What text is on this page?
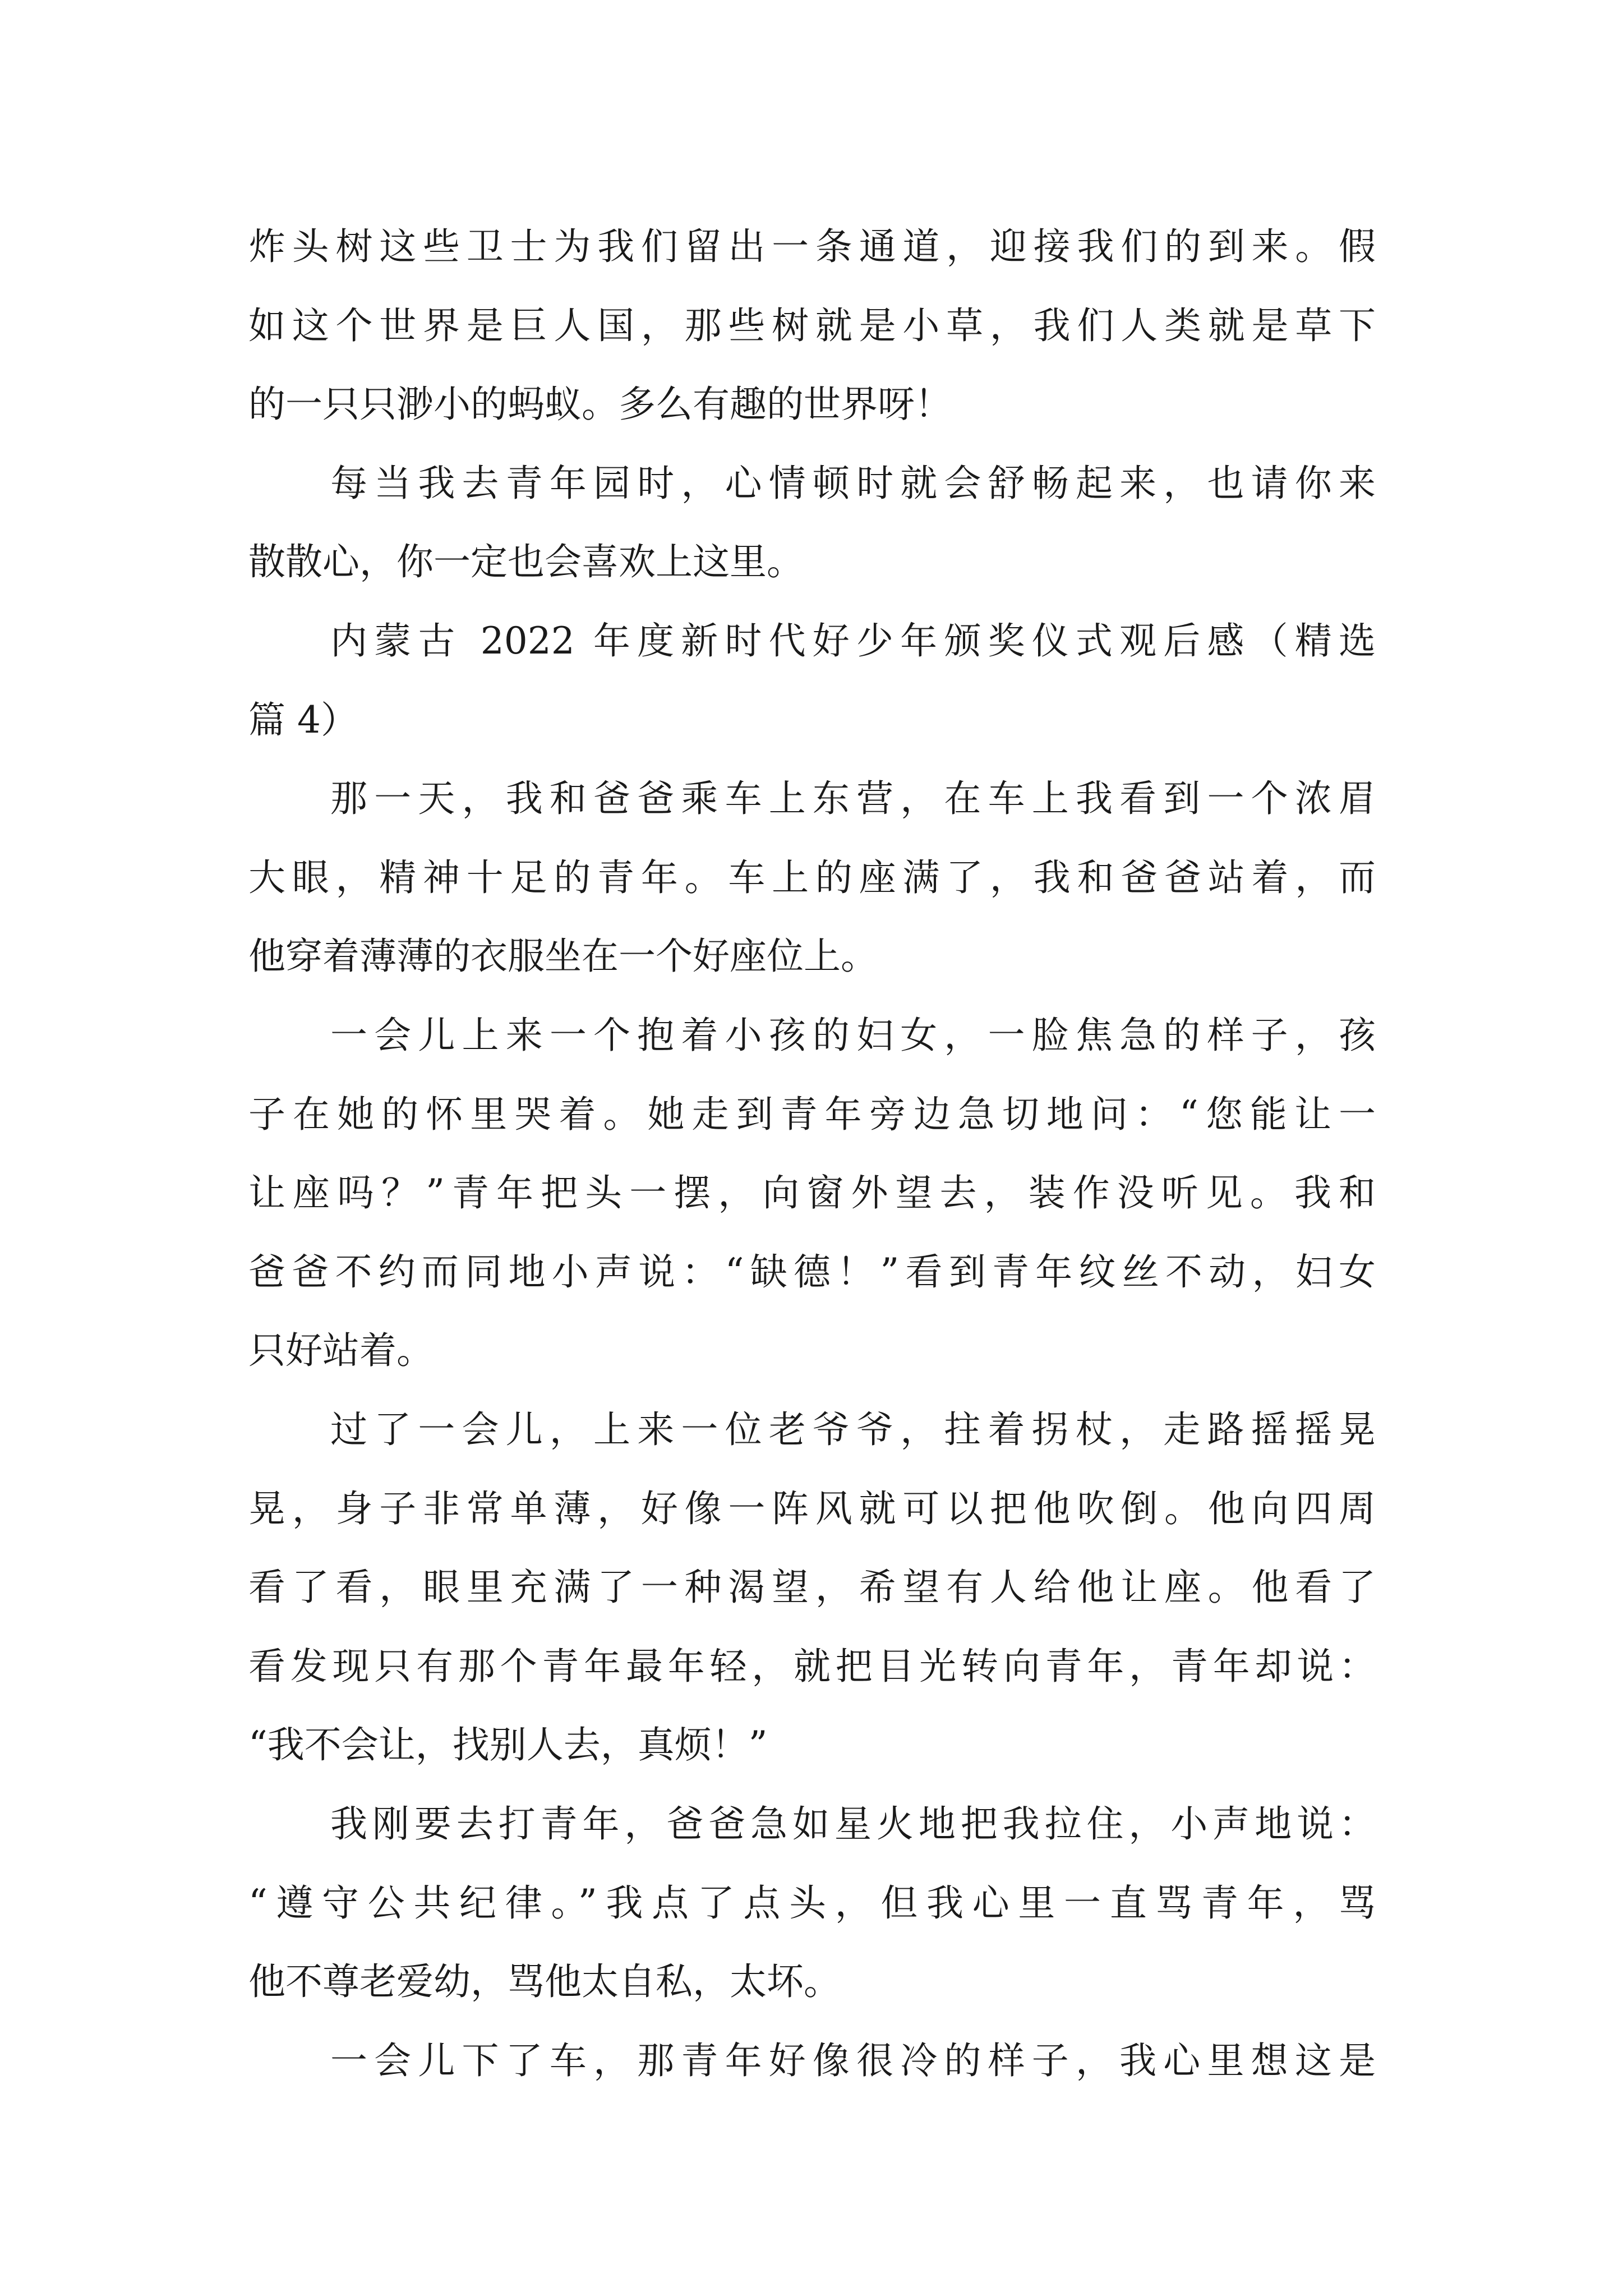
炸头树这些卫士为我们留出一条通道，迎接我们的到来。假
如这个世界是巨人国，那些树就是小草，我们人类就是草下
的一只只渺小的蚂蚁。多么有趣的世界呀！
每当我去青年园时，心情顿时就会舒畅起来，也请你来
散散心，你一定也会喜欢上这里。
内蒙古 2022 年度新时代好少年颁奖仪式观后感（精选
篇 4）
那一天，我和爸爸乘车上东营，在车上我看到一个浓眉
大眼，精神十足的青年。车上的座满了，我和爸爸站着，而
他穿着薄薄的衣服坐在一个好座位上。
一会儿上来一个抱着小孩的妇女，一脸焦急的样子，孩
子在她的怀里哭着。她走到青年旁边急切地问：“您能让一
让座吗？”青年把头一摆，向窗外望去，装作没听见。我和
爸爸不约而同地小声说：“缺德！”看到青年纹丝不动，妇女
只好站着。
过了一会儿，上来一位老爷爷，拄着拐杖，走路摇摇晃
晃，身子非常单薄，好像一阵风就可以把他吹倒。他向四周
看了看，眼里充满了一种渴望，希望有人给他让座。他看了
看发现只有那个青年最年轻，就把目光转向青年，青年却说：
“我不会让，找别人去，真烦！”
我刚要去打青年，爸爸急如星火地把我拉住，小声地说：
“遵守公共纪律。”我点了点头，但我心里一直骂青年，骂
他不尊老爱幼，骂他太自私，太坏。
一会儿下了车，那青年好像很冷的样子，我心里想这是
